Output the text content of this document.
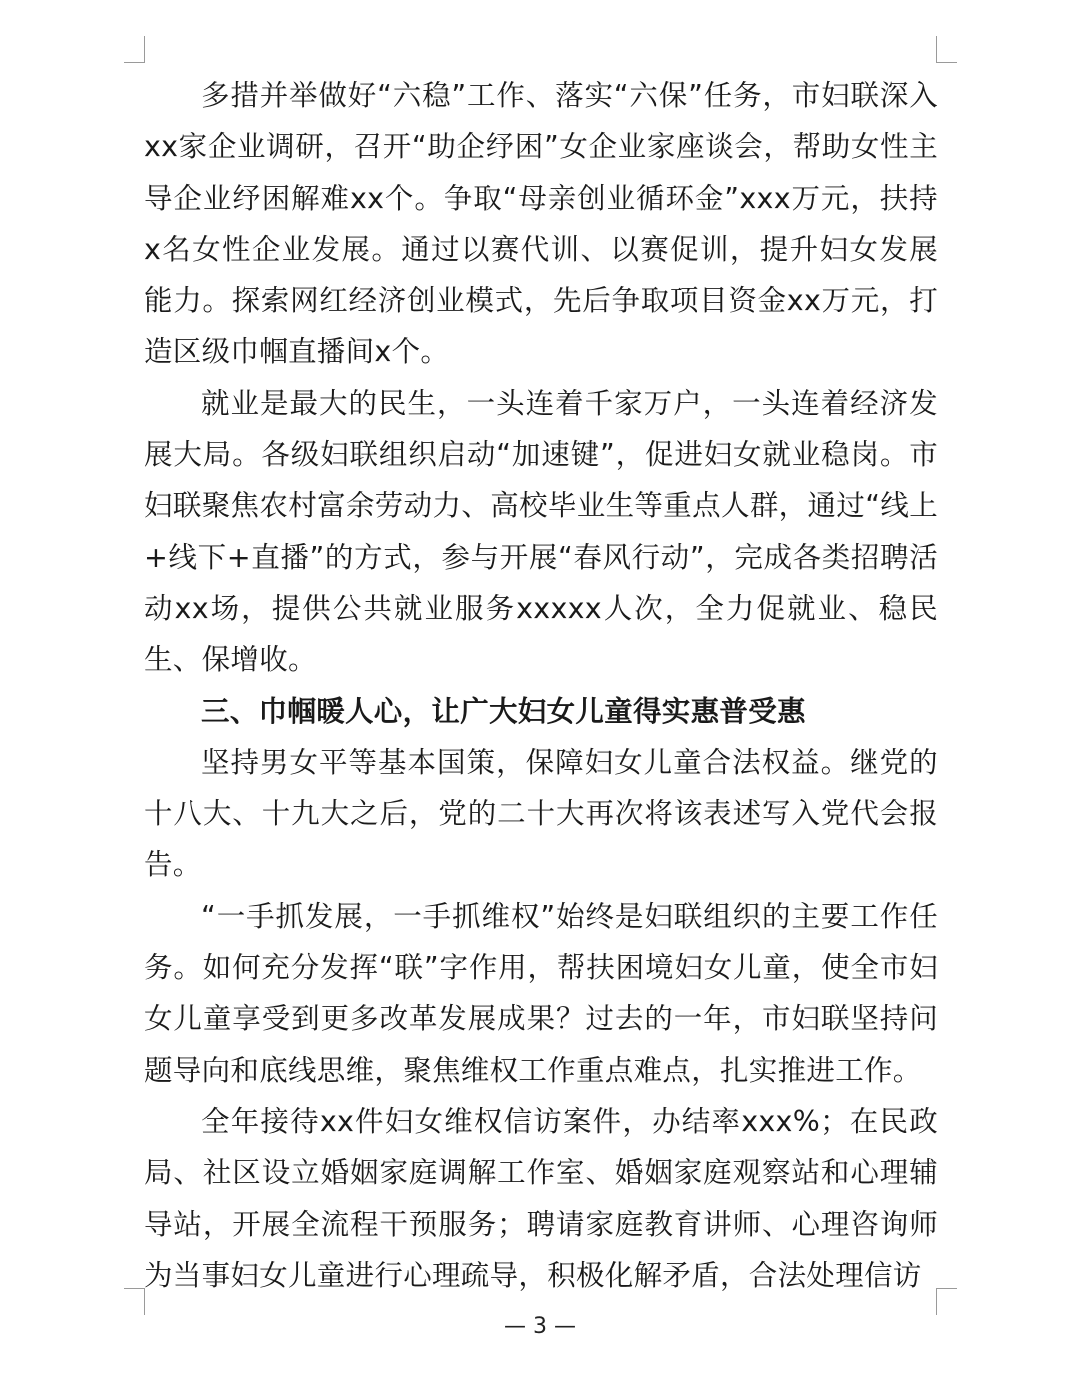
多措并举做好“六稳”工作、落实“六保”任务，市妇联深入xx家企业调研，召开“助企纾困”女企业家座谈会，帮助女性主导企业纾困解难xx个。争取“母亲创业循环金”xxx万元，扶持x名女性企业发展。通过以赛代训、以赛促训，提升妇女发展能力。探索网红经济创业模式，先后争取项目资金xx万元，打造区级巾帼直播间x个。

就业是最大的民生，一头连着千家万户，一头连着经济发展大局。各级妇联组织启动“加速键”，促进妇女就业稳岗。市妇联聚焦农村富余劳动力、高校毕业生等重点人群，通过“线上+线下+直播”的方式，参与开展“春风行动”，完成各类招聘活动xx场，提供公共就业服务xxxxx人次，全力促就业、稳民生、保增收。

三、巾帼暖人心，让广大妇女儿童得实惠普受惠

坚持男女平等基本国策，保障妇女儿童合法权益。继党的十八大、十九大之后，党的二十大再次将该表述写入党代会报告。

“一手抓发展，一手抓维权”始终是妇联组织的主要工作任务。如何充分发挥“联”字作用，帮扶困境妇女儿童，使全市妇女儿童享受到更多改革发展成果？过去的一年，市妇联坚持问题导向和底线思维，聚焦维权工作重点难点，扎实推进工作。

全年接待xx件妇女维权信访案件，办结率xxx%；在民政局、社区设立婚姻家庭调解工作室、婚姻家庭观察站和心理辅导站，开展全流程干预服务；聘请家庭教育讲师、心理咨询师为当事妇女儿童进行心理疏导，积极化解矛盾，合法处理信访

— 3 —
